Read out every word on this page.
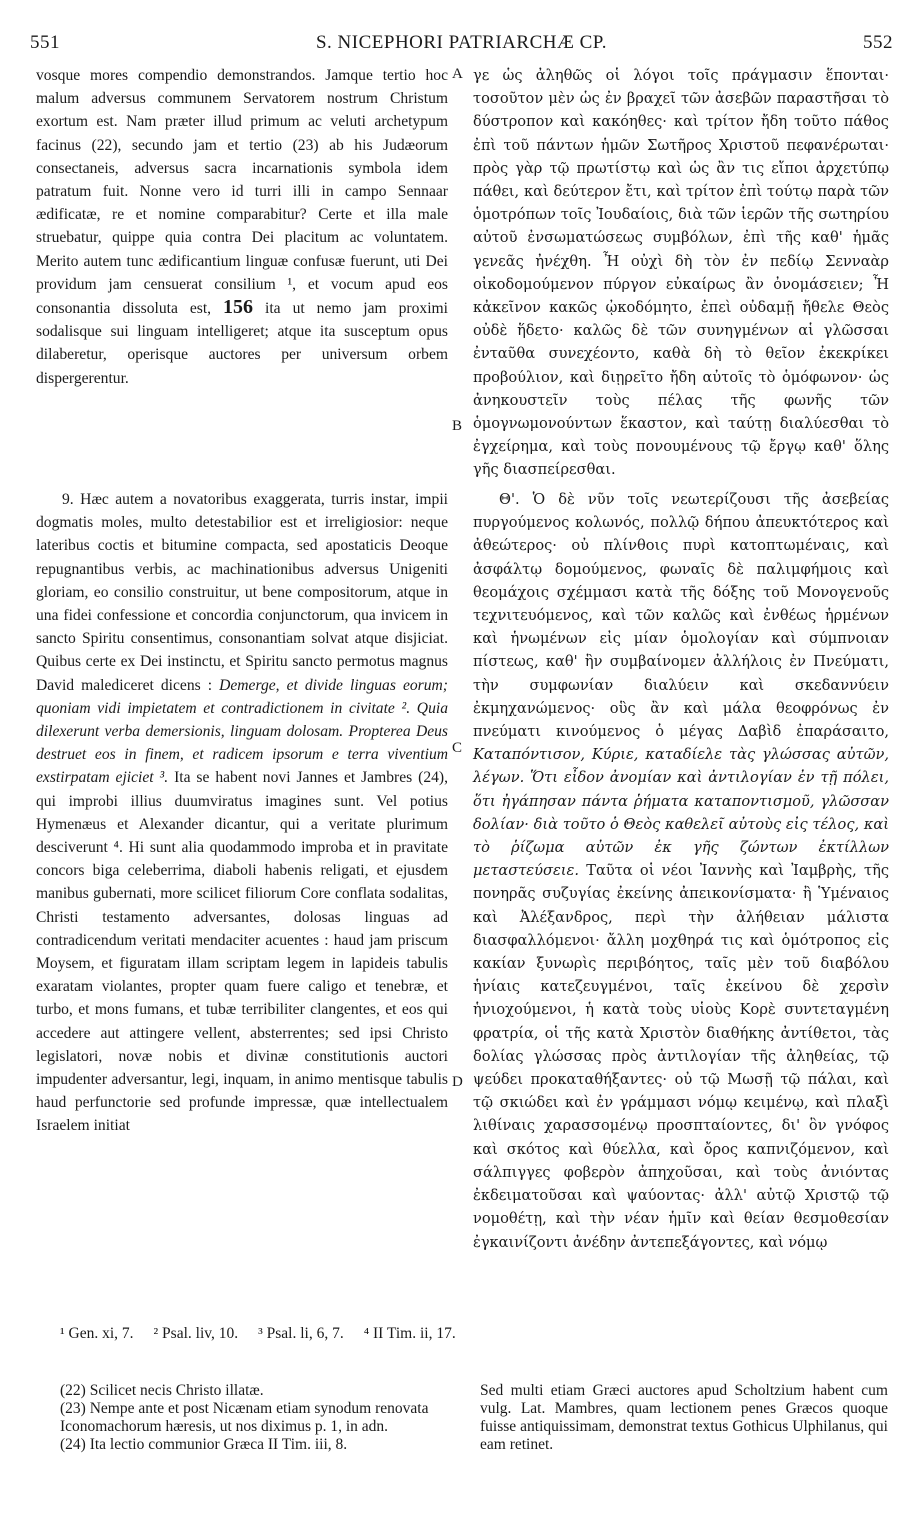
551	S. NICEPHORI PATRIARCHÆ CP.	552
A
B
C
D

vosque mores compendio demonstrandos. Jamque tertio hoc malum adversus communem Servatorem nostrum Christum exortum est. Nam præter illud primum ac veluti archetypum facinus (22), secundo jam et tertio (23) ab his Judæorum consectaneis, adversus sacra incarnationis symbola idem patratum fuit. Nonne vero id turri illi in campo Sennaar ædificatæ, re et nomine comparabitur? Certe et illa male struebatur, quippe quia contra Dei placitum ac voluntatem. Merito autem tunc ædificantium linguæ confusæ fuerunt, uti Dei providum jam censuerat consilium ¹, et vocum apud eos consonantia dissoluta est, 156 ita ut nemo jam proximi sodalisque sui linguam intelligeret; atque ita susceptum opus dilaberetur, operisque auctores per universum orbem dispergerentur.

9. Hæc autem a novatoribus exaggerata, turris instar, impii dogmatis moles, multo detestabilior est et irreligiosior: neque lateribus coctis et bitumine compacta, sed apostaticis Deoque repugnantibus verbis, ac machinationibus adversus Unigeniti gloriam, eo consilio construitur, ut bene compositorum, atque in una fidei confessione et concordia conjunctorum, qua invicem in sancto Spiritu consentimus, consonantiam solvat atque disjiciat. Quibus certe ex Dei instinctu, et Spiritu sancto permotus magnus David malediceret dicens : Demerge, et divide linguas eorum; quoniam vidi impietatem et contradictionem in civitate ². Quia dilexerunt verba demersionis, linguam dolosam. Propterea Deus destruet eos in finem, et radicem ipsorum e terra viventium exstirpatam ejiciet ³. Ita se habent novi Jannes et Jambres (24), qui improbi illius duumviratus imagines sunt. Vel potius Hymenæus et Alexander dicantur, qui a veritate plurimum desciverunt ⁴. Hi sunt alia quodammodo improba et in pravitate concors biga celeberrima, diaboli habenis religati, et ejusdem manibus gubernati, more scilicet filiorum Core conflata sodalitas, Christi testamento adversantes, dolosas linguas ad contradicendum veritati mendaciter acuentes : haud jam priscum Moysem, et figuratam illam scriptam legem in lapideis tabulis exaratam violantes, propter quam fuere caligo et tenebræ, et turbo, et mons fumans, et tubæ terribiliter clangentes, et eos qui accedere aut attingere vellent, absterrentes; sed ipsi Christo legislatori, novæ nobis et divinæ constitutionis auctori impudenter adversantur, legi, inquam, in animo mentisque tabulis haud perfunctorie sed profunde impressæ, quæ intellectualem Israelem initiat

γε ὡς ἀληθῶς οἱ λόγοι τοῖς πράγμασιν ἕπονται· τοσοῦτον μὲν ὡς ἐν βραχεῖ τῶν ἀσεβῶν παραστῆσαι τὸ δύστροπον καὶ κακόηθες· καὶ τρίτον ἤδη τοῦτο πάθος ἐπὶ τοῦ πάντων ἡμῶν Σωτῆρος Χριστοῦ πεφανέρωται· πρὸς γὰρ τῷ πρωτίστῳ καὶ ὡς ἂν τις εἴποι ἀρχετύπῳ πάθει, καὶ δεύτερον ἔτι, καὶ τρίτον ἐπὶ τούτῳ παρὰ τῶν ὁμοτρόπων τοῖς Ἰουδαίοις, διὰ τῶν ἱερῶν τῆς σωτηρίου αὐτοῦ ἐνσωματώσεως συμβόλων, ἐπὶ τῆς καθ' ἡμᾶς γενεᾶς ἠνέχθη. Ἦ οὐχὶ δὴ τὸν ἐν πεδίῳ Σενναὰρ οἰκοδομούμενον πύργον εὐκαίρως ἂν ὀνομάσειεν; Ἦ κἀκεῖνον κακῶς ᾠκοδόμητο, ἐπεὶ οὐδαμῇ ἤθελε Θεὸς οὐδὲ ἥδετο· καλῶς δὲ τῶν συνηγμένων αἱ γλῶσσαι ἐνταῦθα συνεχέοντο, καθὰ δὴ τὸ θεῖον ἐκεκρίκει προβούλιον, καὶ διῃρεῖτο ἤδη αὐτοῖς τὸ ὁμόφωνον· ὡς ἀνηκουστεῖν τοὺς πέλας τῆς φωνῆς τῶν ὁμογνωμονούντων ἕκαστον, καὶ ταύτῃ διαλύεσθαι τὸ ἐγχείρημα, καὶ τοὺς πονουμένους τῷ ἔργῳ καθ' ὅλης γῆς διασπείρεσθαι.

Θ'. Ὁ δὲ νῦν τοῖς νεωτερίζουσι τῆς ἀσεβείας πυργούμενος κολωνός, πολλῷ δήπου ἀπευκτότερος καὶ ἀθεώτερος· οὐ πλίνθοις πυρὶ κατοπτωμέναις, καὶ ἀσφάλτῳ δομούμενος, φωναῖς δὲ παλιμφήμοις καὶ θεομάχοις σχέμμασι κατὰ τῆς δόξης τοῦ Μονογενοῦς τεχνιτευόμενος, καὶ τῶν καλῶς καὶ ἐνθέως ἡρμένων καὶ ἡνωμένων εἰς μίαν ὁμολογίαν καὶ σύμπνοιαν πίστεως, καθ' ἣν συμβαίνομεν ἀλλήλοις ἐν Πνεύματι, τὴν συμφωνίαν διαλύειν καὶ σκεδαννύειν ἐκμηχανώμενος· οὓς ἂν καὶ μάλα θεοφρόνως ἐν πνεύματι κινούμενος ὁ μέγας Δαβὶδ ἐπαράσαιτο, Καταπόντισον, Κύριε, καταδίελε τὰς γλώσσας αὐτῶν, λέγων. Ὅτι εἶδον ἀνομίαν καὶ ἀντιλογίαν ἐν τῇ πόλει, ὅτι ἠγάπησαν πάντα ῥήματα καταποντισμοῦ, γλῶσσαν δολίαν· διὰ τοῦτο ὁ Θεὸς καθελεῖ αὐτοὺς εἰς τέλος, καὶ τὸ ῥίζωμα αὐτῶν ἐκ γῆς ζώντων ἐκτίλλων μεταστεύσειε. Ταῦτα οἱ νέοι Ἰαννὴς καὶ Ἰαμβρὴς, τῆς πονηρᾶς συζυγίας ἐκείνης ἀπεικονίσματα· ἢ Ὑμέναιος καὶ Ἀλέξανδρος, περὶ τὴν ἀλήθειαν μάλιστα διασφαλλόμενοι· ἄλλη μοχθηρά τις καὶ ὁμότροπος εἰς κακίαν ξυνωρὶς περιβόητος, ταῖς μὲν τοῦ διαβόλου ἡνίαις κατεζευγμένοι, ταῖς ἐκείνου δὲ χερσὶν ἡνιοχούμενοι, ἡ κατὰ τοὺς υἱοὺς Κορὲ συντεταγμένη φρατρία, οἱ τῆς κατὰ Χριστὸν διαθήκης ἀντίθετοι, τὰς δολίας γλώσσας πρὸς ἀντιλογίαν τῆς ἀληθείας, τῷ ψεύδει προκαταθήξαντες· οὐ τῷ Μωσῇ τῷ πάλαι, καὶ τῷ σκιώδει καὶ ἐν γράμμασι νόμῳ κειμένῳ, καὶ πλαξὶ λιθίναις χαρασσομένῳ προσπταίοντες, δι' ὃν γνόφος καὶ σκότος καὶ θύελλα, καὶ ὄρος καπνιζόμενον, καὶ σάλπιγγες φοβερὸν ἀπηχοῦσαι, καὶ τοὺς ἀνιόντας ἐκδειματοῦσαι καὶ ψαύοντας· ἀλλ' αὐτῷ Χριστῷ τῷ νομοθέτῃ, καὶ τὴν νέαν ἡμῖν καὶ θείαν θεσμοθεσίαν ἐγκαινίζοντι ἀνέδην ἀντεπεξάγοντες, καὶ νόμῳ

¹ Gen. xi, 7. ² Psal. liv, 10. ³ Psal. li, 6, 7. ⁴ II Tim. ii, 17.

(22) Scilicet necis Christo illatæ.

(23) Nempe ante et post Nicænam etiam synodum renovata Iconomachorum hæresis, ut nos diximus p. 1, in adn.

(24) Ita lectio communior Græca II Tim. iii, 8.

Sed multi etiam Græci auctores apud Scholtzium habent cum vulg. Lat. Mambres, quam lectionem penes Græcos quoque fuisse antiquissimam, demonstrat textus Gothicus Ulphilanus, qui eam retinet.
